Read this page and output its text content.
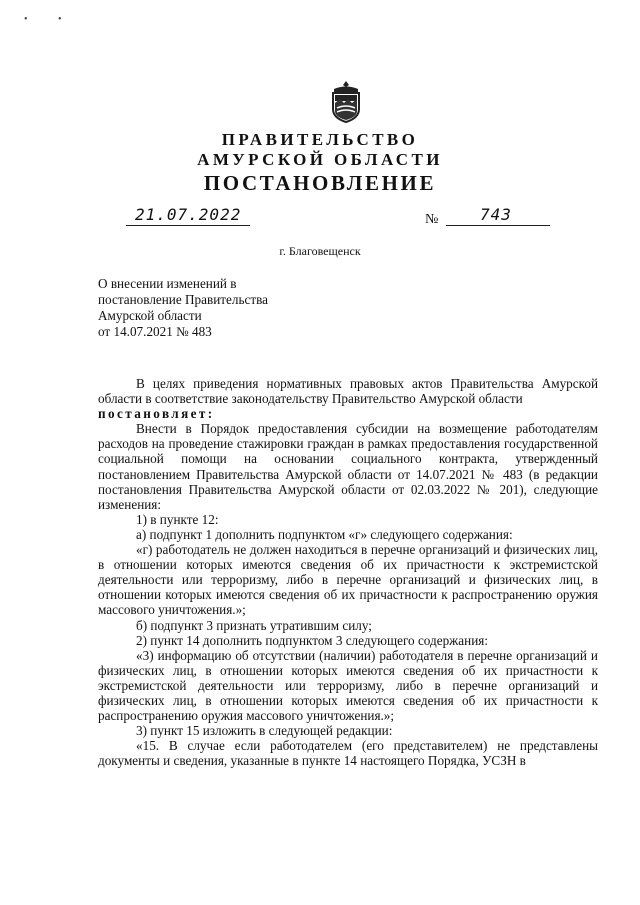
• •
ПРАВИТЕЛЬСТВО
АМУРСКОЙ ОБЛАСТИ
ПОСТАНОВЛЕНИЕ
21.07.2022	№	743
г. Благовещенск
О внесении изменений в
постановление Правительства
Амурской области
от 14.07.2021 № 483

В целях приведения нормативных правовых актов Правительства Амурской области в соответствие законодательству Правительство Амурской области

постановляет:

Внести в Порядок предоставления субсидии на возмещение работодателям расходов на проведение стажировки граждан в рамках предоставления государственной социальной помощи на основании социального контракта, утвержденный постановлением Правительства Амурской области от 14.07.2021 № 483 (в редакции постановления Правительства Амурской области от 02.03.2022 № 201), следующие изменения:

1) в пункте 12:

а) подпункт 1 дополнить подпунктом «г» следующего содержания:

«г) работодатель не должен находиться в перечне организаций и физических лиц, в отношении которых имеются сведения об их причастности к экстремистской деятельности или терроризму, либо в перечне организаций и физических лиц, в отношении которых имеются сведения об их причастности к распространению оружия массового уничтожения.»;

б) подпункт 3 признать утратившим силу;

2) пункт 14 дополнить подпунктом 3 следующего содержания:

«3) информацию об отсутствии (наличии) работодателя в перечне организаций и физических лиц, в отношении которых имеются сведения об их причастности к экстремистской деятельности или терроризму, либо в перечне организаций и физических лиц, в отношении которых имеются сведения об их причастности к распространению оружия массового уничтожения.»;

3) пункт 15 изложить в следующей редакции:

«15. В случае если работодателем (его представителем) не представлены документы и сведения, указанные в пункте 14 настоящего Порядка, УСЗН в
